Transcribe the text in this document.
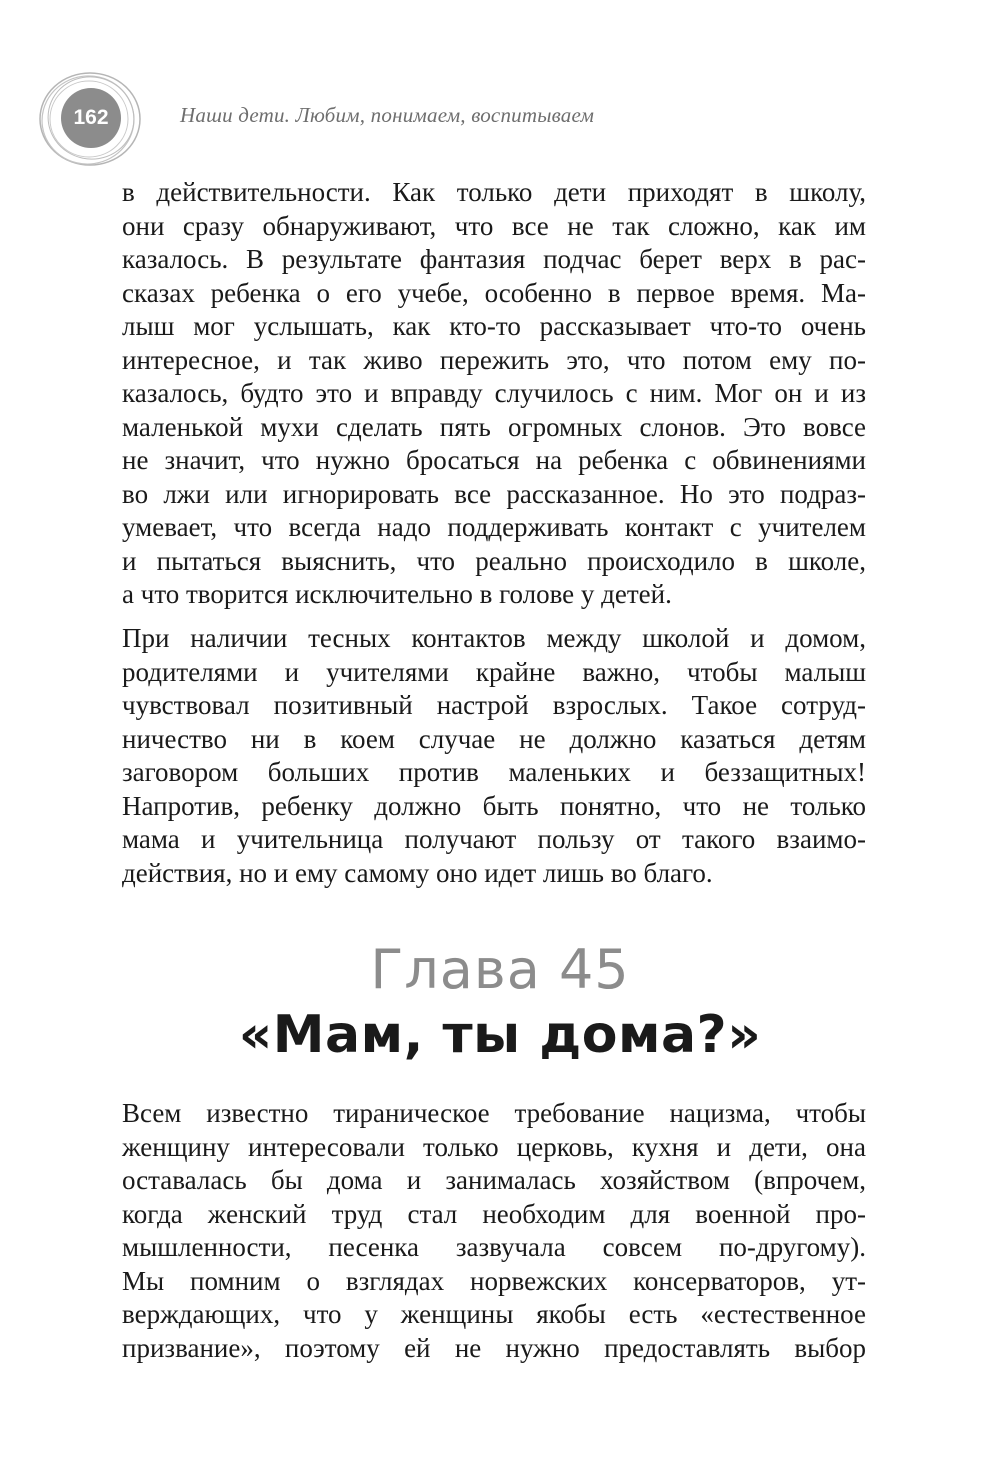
162	Наши дети. Любим, понимаем, воспитываем
в действительности. Как только дети приходят в школу,
они сразу обнаруживают, что все не так сложно, как им
казалось. В результате фантазия подчас берет верх в рас-
сказах ребенка о его учебе, особенно в первое время. Ма-
лыш мог услышать, как кто-то рассказывает что-то очень
интересное, и так живо пережить это, что потом ему по-
казалось, будто это и вправду случилось с ним. Мог он и из
маленькой мухи сделать пять огромных слонов. Это вовсе
не значит, что нужно бросаться на ребенка с обвинениями
во лжи или игнорировать все рассказанное. Но это подраз-
умевает, что всегда надо поддерживать контакт с учителем
и пытаться выяснить, что реально происходило в школе,
а что творится исключительно в голове у детей.
При наличии тесных контактов между школой и домом,
родителями и учителями крайне важно, чтобы малыш
чувствовал позитивный настрой взрослых. Такое сотруд-
ничество ни в коем случае не должно казаться детям
заговором больших против маленьких и беззащитных!
Напротив, ребенку должно быть понятно, что не только
мама и учительница получают пользу от такого взаимо-
действия, но и ему самому оно идет лишь во благо.
Глава 45
«Мам, ты дома?»
Всем известно тираническое требование нацизма, чтобы
женщину интересовали только церковь, кухня и дети, она
оставалась бы дома и занималась хозяйством (впрочем,
когда женский труд стал необходим для военной про-
мышленности, песенка зазвучала совсем по-другому).
Мы помним о взглядах норвежских консерваторов, ут-
верждающих, что у женщины якобы есть «естественное
призвание», поэтому ей не нужно предоставлять выбор
